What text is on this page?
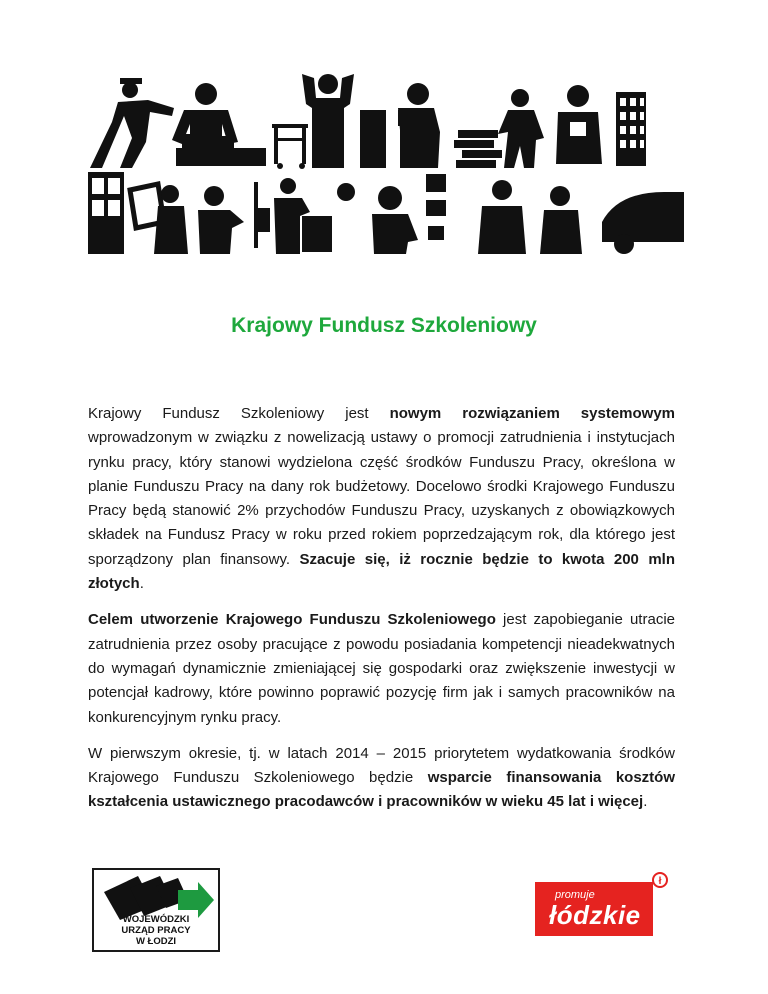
Krajowy Fundusz Szkoleniowy

Krajowy Fundusz Szkoleniowy jest nowym rozwiązaniem systemowym wprowadzonym w związku z nowelizacją ustawy o promocji zatrudnienia i instytucjach rynku pracy, który stanowi wydzielona część środków Funduszu Pracy, określona w planie Funduszu Pracy na dany rok budżetowy. Docelowo środki Krajowego Funduszu Pracy będą stanowić 2% przychodów Funduszu Pracy, uzyskanych z obowiązkowych składek na Fundusz Pracy w roku przed rokiem poprzedzającym rok, dla którego jest sporządzony plan finansowy. Szacuje się, iż rocznie będzie to kwota 200 mln złotych.

Celem utworzenie Krajowego Funduszu Szkoleniowego jest zapobieganie utracie zatrudnienia przez osoby pracujące z powodu posiadania kompetencji nieadekwatnych do wymagań dynamicznie zmieniającej się gospodarki oraz zwiększenie inwestycji w potencjał kadrowy, które powinno poprawić pozycję firm jak i samych pracowników na konkurencyjnym rynku pracy.

W pierwszym okresie, tj. w latach 2014 – 2015 priorytetem wydatkowania środków Krajowego Funduszu Szkoleniowego będzie wsparcie finansowania kosztów kształcenia ustawicznego pracodawców i pracowników w wieku 45 lat i więcej.

WOJEWÓDZKI
URZĄD PRACY
W ŁODZI
promuje
łódzkie
ł
